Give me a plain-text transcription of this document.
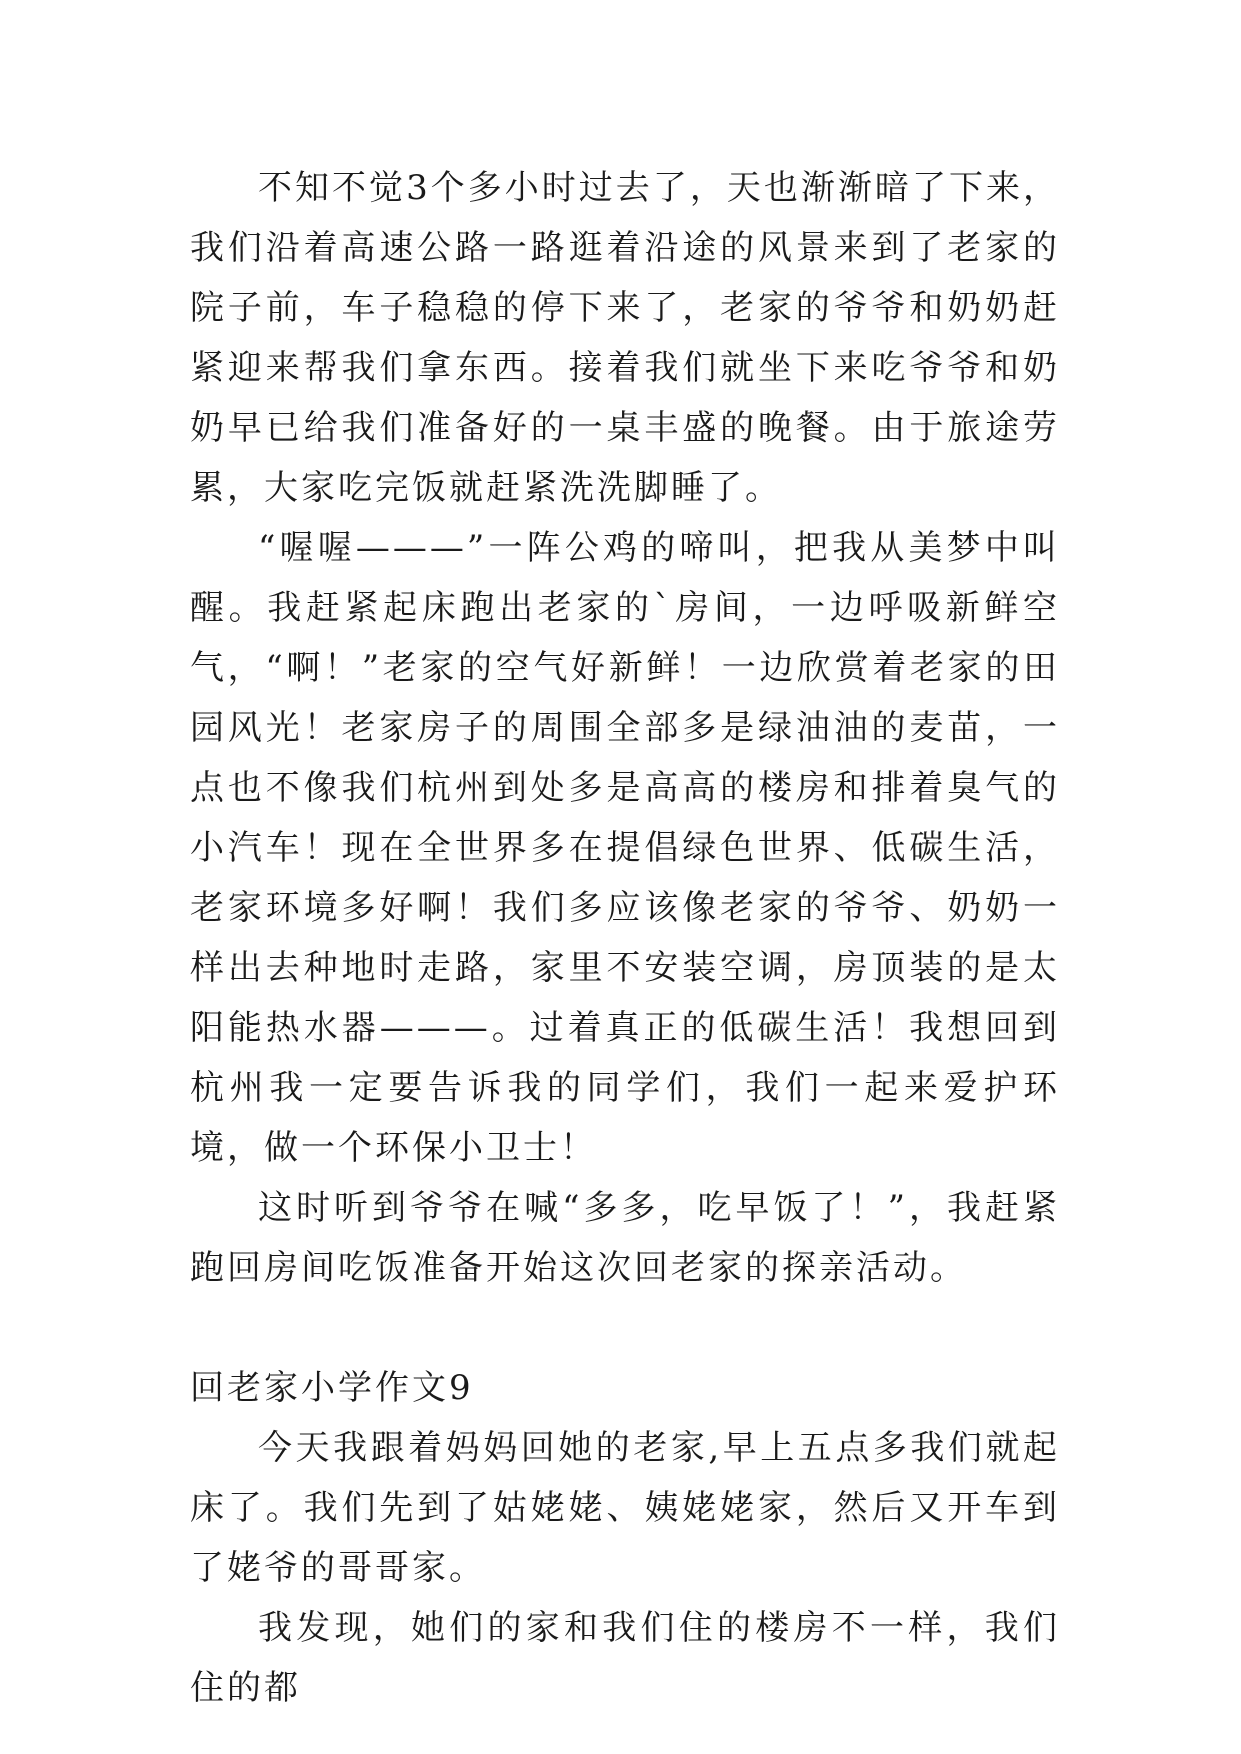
不知不觉3个多小时过去了，天也渐渐暗了下来，我们沿着高速公路一路逛着沿途的风景来到了老家的院子前，车子稳稳的停下来了，老家的爷爷和奶奶赶紧迎来帮我们拿东西。接着我们就坐下来吃爷爷和奶奶早已给我们准备好的一桌丰盛的晚餐。由于旅途劳累，大家吃完饭就赶紧洗洗脚睡了。

“喔喔———”一阵公鸡的啼叫，把我从美梦中叫醒。我赶紧起床跑出老家的`房间，一边呼吸新鲜空气，“啊！”老家的空气好新鲜！一边欣赏着老家的田园风光！老家房子的周围全部多是绿油油的麦苗，一点也不像我们杭州到处多是高高的楼房和排着臭气的小汽车！现在全世界多在提倡绿色世界、低碳生活，老家环境多好啊！我们多应该像老家的爷爷、奶奶一样出去种地时走路，家里不安装空调，房顶装的是太阳能热水器———。过着真正的低碳生活！我想回到杭州我一定要告诉我的同学们，我们一起来爱护环境，做一个环保小卫士！

这时听到爷爷在喊“多多，吃早饭了！”，我赶紧跑回房间吃饭准备开始这次回老家的探亲活动。

回老家小学作文9

今天我跟着妈妈回她的老家,早上五点多我们就起床了。我们先到了姑姥姥、姨姥姥家，然后又开车到了姥爷的哥哥家。

我发现，她们的家和我们住的楼房不一样，我们住的都
